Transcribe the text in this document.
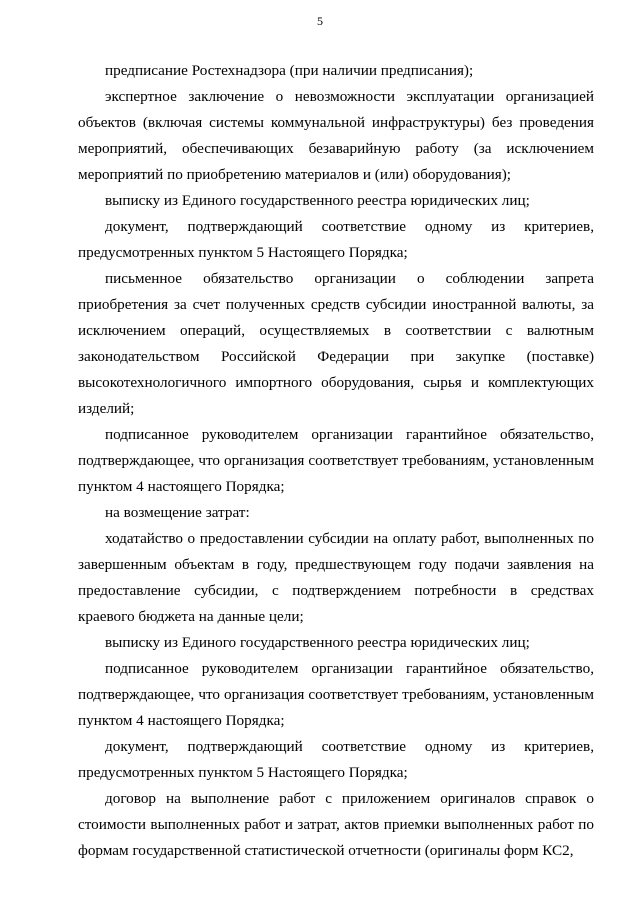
5

предписание Ростехнадзора (при наличии предписания);

экспертное заключение о невозможности эксплуатации организацией объектов (включая системы коммунальной инфраструктуры) без проведения мероприятий, обеспечивающих безаварийную работу (за исключением мероприятий по приобретению материалов и (или) оборудования);

выписку из Единого государственного реестра юридических лиц;

документ, подтверждающий соответствие одному из критериев, предусмотренных пунктом 5 Настоящего Порядка;

письменное обязательство организации о соблюдении запрета приобретения за счет полученных средств субсидии иностранной валюты, за исключением операций, осуществляемых в соответствии с валютным законодательством Российской Федерации при закупке (поставке) высокотехнологичного импортного оборудования, сырья и комплектующих изделий;

подписанное руководителем организации гарантийное обязательство, подтверждающее, что организация соответствует требованиям, установленным пунктом 4 настоящего Порядка;

на возмещение затрат:

ходатайство о предоставлении субсидии на оплату работ, выполненных по завершенным объектам в году, предшествующем году подачи заявления на предоставление субсидии, с подтверждением потребности в средствах краевого бюджета на данные цели;

выписку из Единого государственного реестра юридических лиц;

подписанное руководителем организации гарантийное обязательство, подтверждающее, что организация соответствует требованиям, установленным пунктом 4 настоящего Порядка;

документ, подтверждающий соответствие одному из критериев, предусмотренных пунктом 5 Настоящего Порядка;

договор на выполнение работ с приложением оригиналов справок о стоимости выполненных работ и затрат, актов приемки выполненных работ по формам государственной статистической отчетности (оригиналы форм КС2,
